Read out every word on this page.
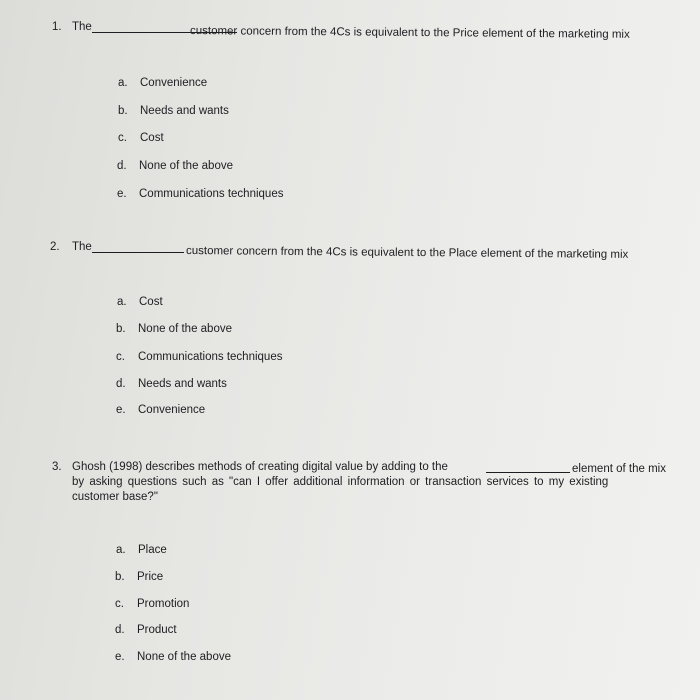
1. The	customer concern from the 4Cs is equivalent to the Price element of the marketing mix
a. Convenience
b. Needs and wants
c. Cost
d. None of the above
e. Communications techniques
2. The	customer concern from the 4Cs is equivalent to the Place element of the marketing mix
a. Cost
b. None of the above
c. Communications techniques
d. Needs and wants
e. Convenience
3. Ghosh (1998) describes methods of creating digital value by adding to the	element of the mix
by asking questions such as "can I offer additional information or transaction services to my existing
customer base?"
a. Place
b. Price
c. Promotion
d. Product
e. None of the above
